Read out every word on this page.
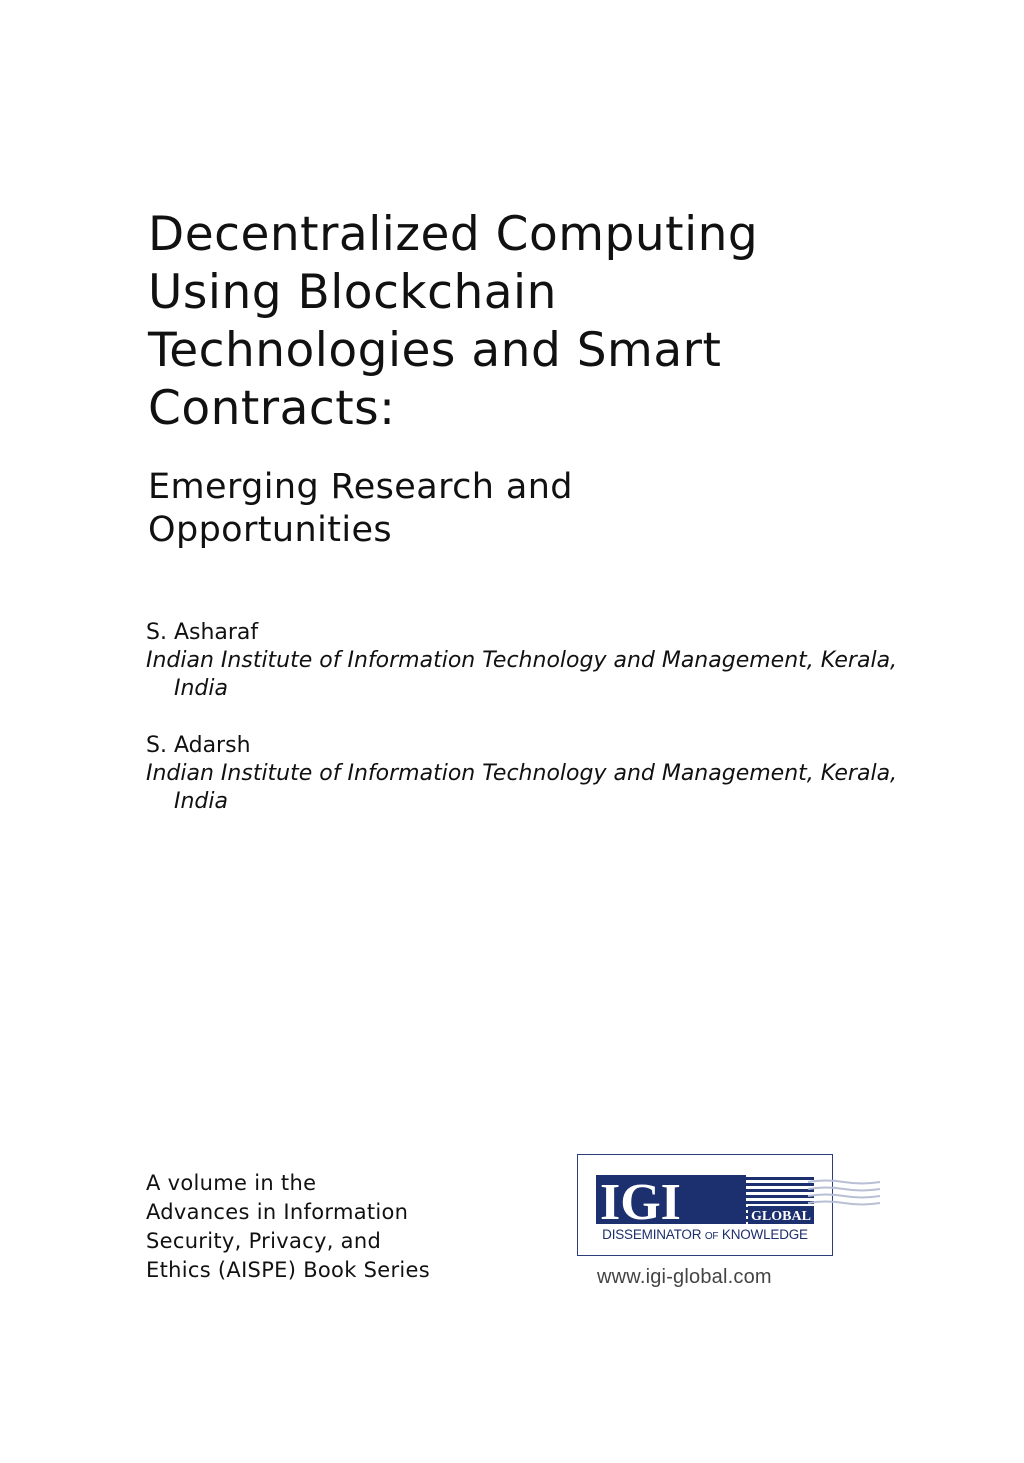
Decentralized Computing
Using Blockchain
Technologies and Smart
Contracts:
Emerging Research and
Opportunities
S. Asharaf
Indian Institute of Information Technology and Management, Kerala, India
S. Adarsh
Indian Institute of Information Technology and Management, Kerala, India
A volume in the
Advances in Information
Security, Privacy, and
Ethics (AISPE) Book Series
IGI	GLOBAL
DISSEMINATOR OF KNOWLEDGE
www.igi-global.com
